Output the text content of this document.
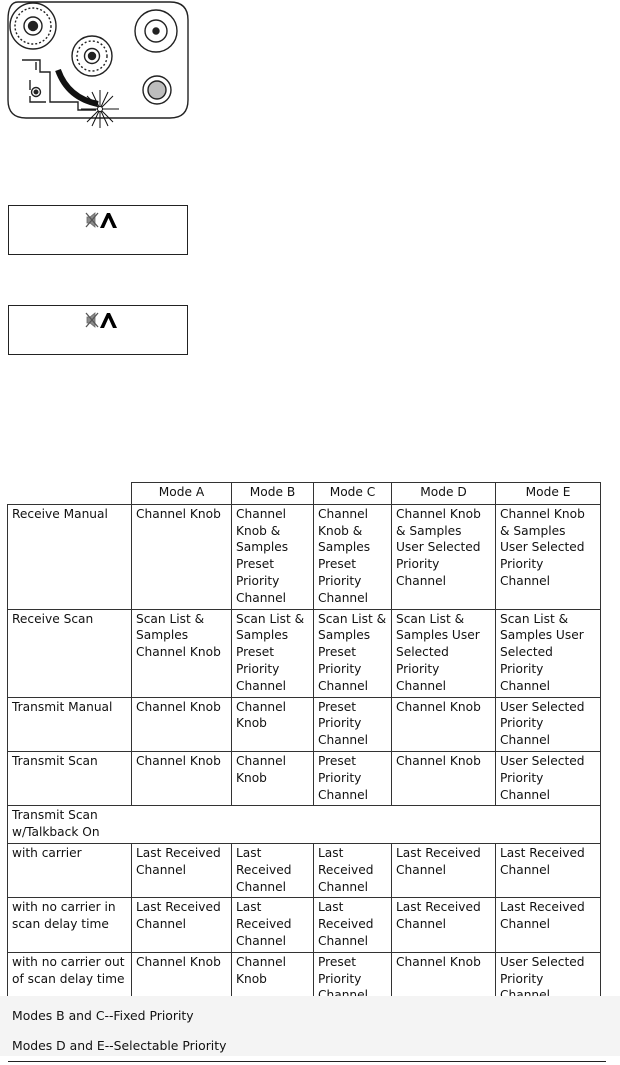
	Mode A	Mode B	Mode C	Mode D	Mode E
Receive Manual	Channel Knob	Channel Knob & Samples Preset Priority Channel	Channel Knob & Samples Preset Priority Channel	Channel Knob & Samples User Selected Priority Channel	Channel Knob & Samples User Selected Priority Channel
Receive Scan	Scan List & Samples Channel Knob	Scan List & Samples Preset Priority Channel	Scan List & Samples Preset Priority Channel	Scan List & Samples User Selected Priority Channel	Scan List & Samples User Selected Priority Channel
Transmit Manual	Channel Knob	Channel Knob	Preset Priority Channel	Channel Knob	User Selected Priority Channel
Transmit Scan	Channel Knob	Channel Knob	Preset Priority Channel	Channel Knob	User Selected Priority Channel
Transmit Scan w/Talkback On					
with carrier	Last Received Channel	Last Received Channel	Last Received Channel	Last Received Channel	Last Received Channel
with no carrier in scan delay time	Last Received Channel	Last Received Channel	Last Received Channel	Last Received Channel	Last Received Channel
with no carrier out of scan delay time	Channel Knob	Channel Knob	Preset Priority	Channel Knob	User Selected Priority
Modes B and C--Fixed Priority
Modes D and E--Selectable Priority
